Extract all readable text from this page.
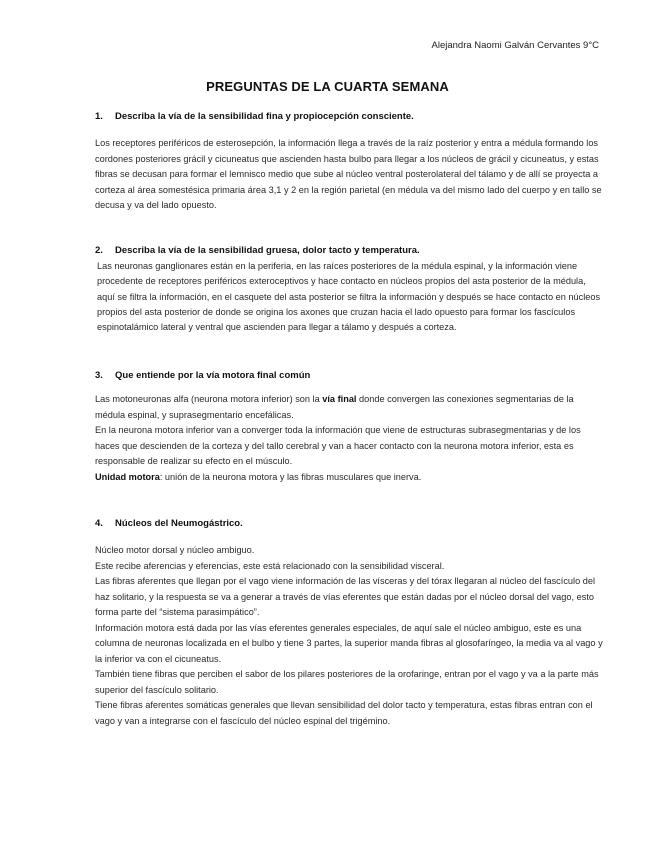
Alejandra Naomi Galván Cervantes 9°C
PREGUNTAS DE LA CUARTA SEMANA

1. Describa la vía de la sensibilidad fina y propiocepción consciente.

Los receptores periféricos de esterosepción, la información llega a través de la raíz posterior y entra a médula formando los cordones posteriores grácil y cicuneatus que ascienden hasta bulbo para llegar a los núcleos de grácil y cicuneatus, y estas fibras se decusan para formar el lemnisco medio que sube al núcleo ventral posterolateral del tálamo y de allí se proyecta a corteza al área somestésica primaria área 3,1 y 2 en la región parietal (en médula va del mismo lado del cuerpo y en tallo se decusa y va del lado opuesto.

2. Describa la vía de la sensibilidad gruesa, dolor tacto y temperatura.

Las neuronas ganglionares están en la periferia, en las raíces posteriores de la médula espinal, y la información viene procedente de receptores periféricos exteroceptivos y hace contacto en núcleos propios del asta posterior de la médula, aquí se filtra la información, en el casquete del asta posterior se filtra la información y después se hace contacto en núcleos propios del asta posterior de donde se origina los axones que cruzan hacia el lado opuesto para formar los fascículos espinotalámico lateral y ventral que ascienden para llegar a tálamo y después a corteza.

3. Que entiende por la vía motora final común

Las motoneuronas alfa (neurona motora inferior) son la vía final donde convergen las conexiones segmentarias de la médula espinal, y suprasegmentario encefálicas.

En la neurona motora inferior van a converger toda la información que viene de estructuras subrasegmentarias y de los haces que descienden de la corteza y del tallo cerebral y van a hacer contacto con la neurona motora inferior, esta es responsable de realizar su efecto en el músculo.

Unidad motora: unión de la neurona motora y las fibras musculares que inerva.

4. Núcleos del Neumogástrico.

Núcleo motor dorsal y núcleo ambiguo.

Este recibe aferencias y eferencias, este está relacionado con la sensibilidad visceral.

Las fibras aferentes que llegan por el vago viene información de las vísceras y del tórax llegaran al núcleo del fascículo del haz solitario, y la respuesta se va a generar a través de vías eferentes que están dadas por el núcleo dorsal del vago, esto forma parte del “sistema parasimpático”.

Información motora está dada por las vías eferentes generales especiales, de aquí sale el núcleo ambiguo, este es una columna de neuronas localizada en el bulbo y tiene 3 partes, la superior manda fibras al glosofaríngeo, la media va al vago y la inferior va con el cicuneatus.

También tiene fibras que perciben el sabor de los pilares posteriores de la orofaringe, entran por el vago y va a la parte más superior del fascículo solitario.

Tiene fibras aferentes somáticas generales que llevan sensibilidad del dolor tacto y temperatura, estas fibras entran con el vago y van a integrarse con el fascículo del núcleo espinal del trigémino.
